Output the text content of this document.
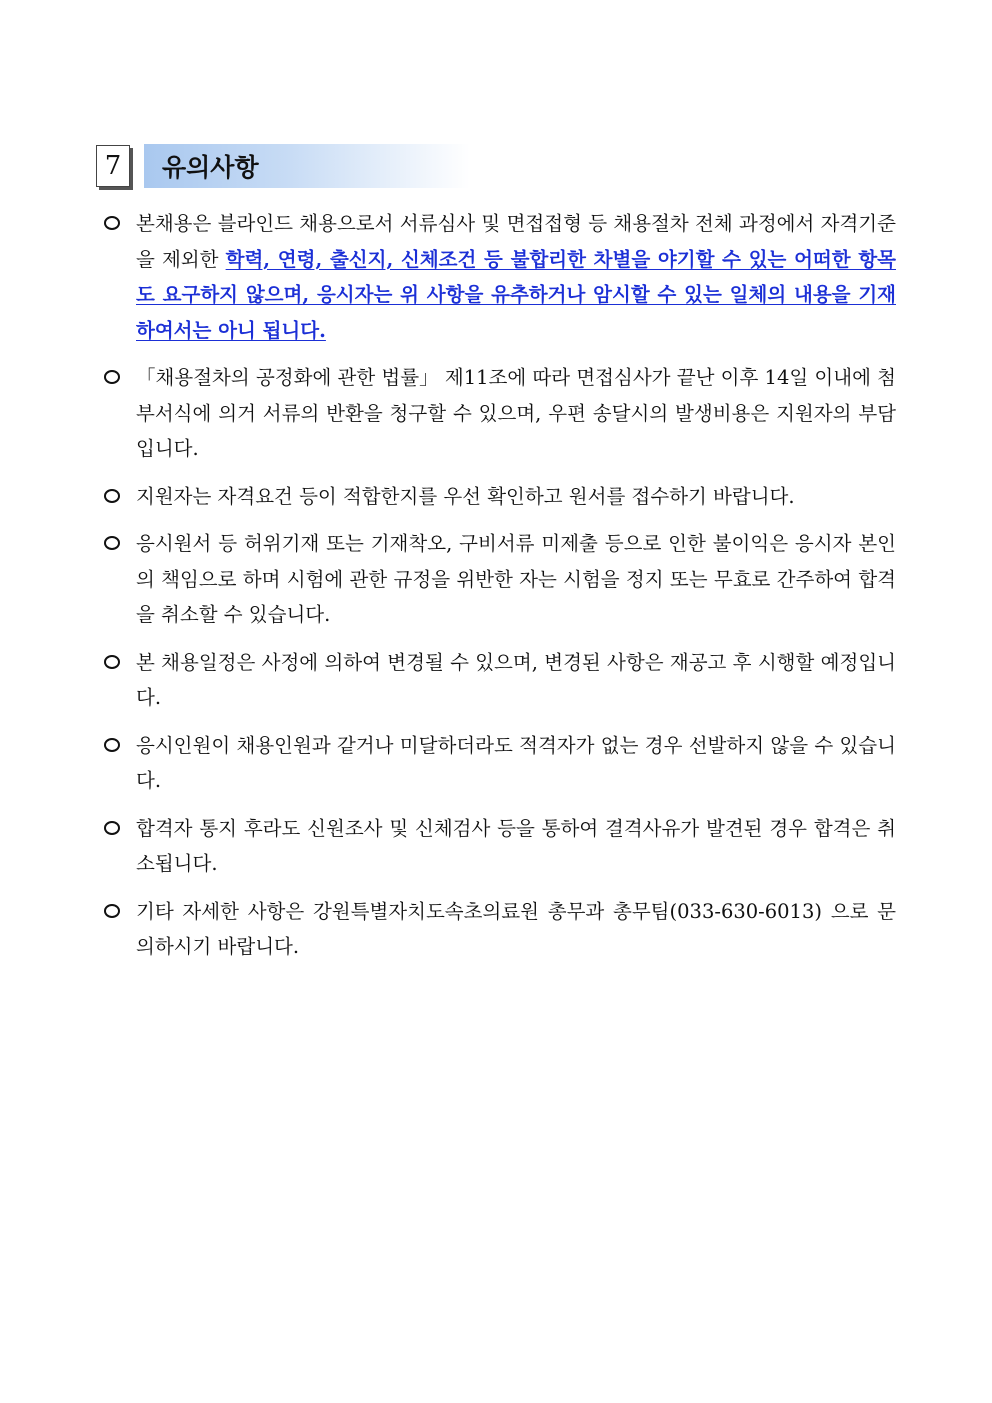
7	유의사항
본채용은 블라인드 채용으로서 서류심사 및 면접접형 등 채용절차 전체 과정에서 자격기준을 제외한 학력, 연령, 출신지, 신체조건 등 불합리한 차별을 야기할 수 있는 어떠한 항목도 요구하지 않으며, 응시자는 위 사항을 유추하거나 암시할 수 있는 일체의 내용을 기재하여서는 아니 됩니다.
「채용절차의 공정화에 관한 법률」 제11조에 따라 면접심사가 끝난 이후 14일 이내에 첨부서식에 의거 서류의 반환을 청구할 수 있으며, 우편 송달시의 발생비용은 지원자의 부담입니다.
지원자는 자격요건 등이 적합한지를 우선 확인하고 원서를 접수하기 바랍니다.
응시원서 등 허위기재 또는 기재착오, 구비서류 미제출 등으로 인한 불이익은 응시자 본인의 책임으로 하며 시험에 관한 규정을 위반한 자는 시험을 정지 또는 무효로 간주하여 합격을 취소할 수 있습니다.
본 채용일정은 사정에 의하여 변경될 수 있으며, 변경된 사항은 재공고 후 시행할 예정입니다.
응시인원이 채용인원과 같거나 미달하더라도 적격자가 없는 경우 선발하지 않을 수 있습니다.
합격자 통지 후라도 신원조사 및 신체검사 등을 통하여 결격사유가 발견된 경우 합격은 취소됩니다.
기타 자세한 사항은 강원특별자치도속초의료원 총무과 총무팀(033-630-6013) 으로 문의하시기 바랍니다.
